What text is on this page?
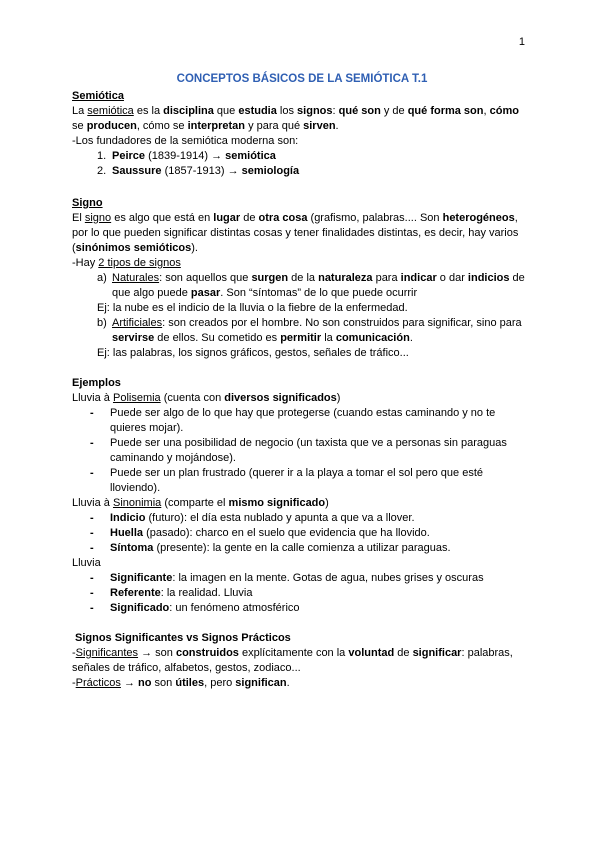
1
CONCEPTOS BÁSICOS DE LA SEMIÓTICA T.1
Semiótica

La semiótica es la disciplina que estudia los signos: qué son y de qué forma son, cómo se producen, cómo se interpretan y para qué sirven.

-Los fundadores de la semiótica moderna son:

1. Peirce (1839-1914) → semiótica
2. Saussure (1857-1913) → semiología
Signo

El signo es algo que está en lugar de otra cosa (grafismo, palabras.... Son heterogéneos, por lo que pueden significar distintas cosas y tener finalidades distintas, es decir, hay varios (sinónimos semióticos).

-Hay 2 tipos de signos

a) Naturales: son aquellos que surgen de la naturaleza para indicar o dar indicios de que algo puede pasar. Son “síntomas” de lo que puede ocurrir

Ej: la nube es el indicio de la lluvia o la fiebre de la enfermedad.

b) Artificiales: son creados por el hombre. No son construidos para significar, sino para servirse de ellos. Su cometido es permitir la comunicación.

Ej: las palabras, los signos gráficos, gestos, señales de tráfico...

Ejemplos

Lluvia à Polisemia (cuenta con diversos significados)

- Puede ser algo de lo que hay que protegerse (cuando estas caminando y no te quieres mojar).
- Puede ser una posibilidad de negocio (un taxista que ve a personas sin paraguas caminando y mojándose).
- Puede ser un plan frustrado (querer ir a la playa a tomar el sol pero que esté lloviendo).

Lluvia à Sinonimia (comparte el mismo significado)

- Indicio (futuro): el día esta nublado y apunta a que va a llover.
- Huella (pasado): charco en el suelo que evidencia que ha llovido.
- Síntoma (presente): la gente en la calle comienza a utilizar paraguas.

Lluvia

- Significante: la imagen en la mente. Gotas de agua, nubes grises y oscuras
- Referente: la realidad. Lluvia
- Significado: un fenómeno atmosférico
Signos Significantes vs Signos Prácticos

-Significantes → son construidos explícitamente con la voluntad de significar: palabras, señales de tráfico, alfabetos, gestos, zodiaco...

-Prácticos → no son útiles, pero significan.
